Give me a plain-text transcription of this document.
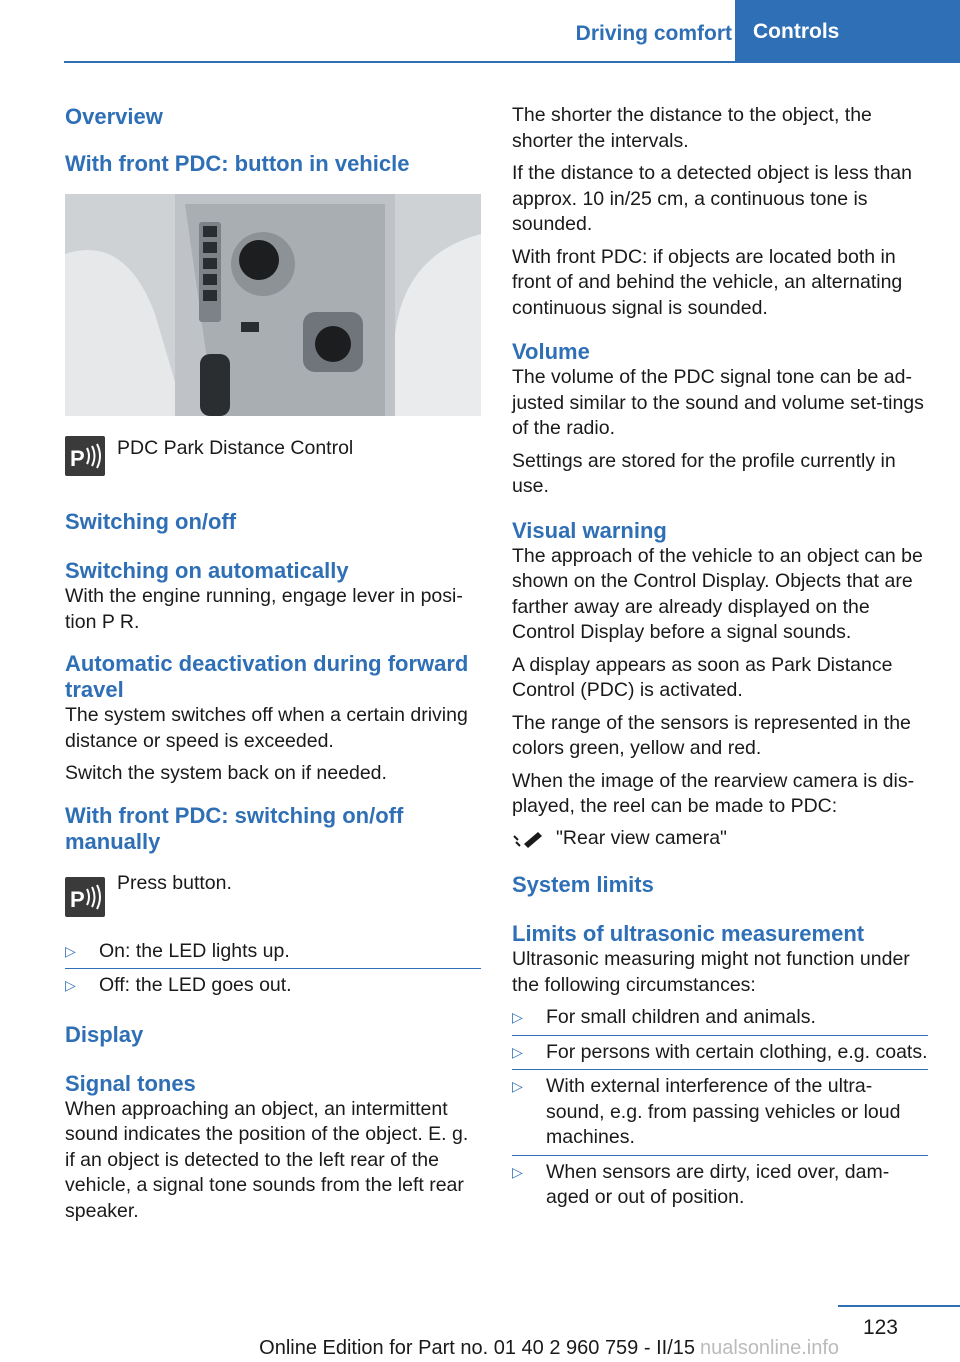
Driving comfort	Controls
Overview
With front PDC: button in vehicle
P PDC Park Distance Control
Switching on/off
Switching on automatically
With the engine running, engage lever in posi-tion P R.
Automatic deactivation during forward travel
The system switches off when a certain driving distance or speed is exceeded.
Switch the system back on if needed.
With front PDC: switching on/off manually
P
Press button.
▷	On: the LED lights up.
▷	Off: the LED goes out.
Display
Signal tones
When approaching an object, an intermittent sound indicates the position of the object. E. g. if an object is detected to the left rear of the vehicle, a signal tone sounds from the left rear speaker.
The shorter the distance to the object, the shorter the intervals.
If the distance to a detected object is less than approx. 10 in/25 cm, a continuous tone is sounded.
With front PDC: if objects are located both in front of and behind the vehicle, an alternating continuous signal is sounded.
Volume
The volume of the PDC signal tone can be ad-justed similar to the sound and volume set-tings of the radio.
Settings are stored for the profile currently in use.
Visual warning
The approach of the vehicle to an object can be shown on the Control Display. Objects that are farther away are already displayed on the Control Display before a signal sounds.
A display appears as soon as Park Distance Control (PDC) is activated.
The range of the sensors is represented in the colors green, yellow and red.
When the image of the rearview camera is dis-played, the reel can be made to PDC:
"Rear view camera"
System limits
Limits of ultrasonic measurement
Ultrasonic measuring might not function under the following circumstances:
▷	For small children and animals.
▷	For persons with certain clothing, e.g. coats.
▷	With external interference of the ultra-sound, e.g. from passing vehicles or loud machines.
▷	When sensors are dirty, iced over, dam-aged or out of position.
123
Online Edition for Part no. 01 40 2 960 759 - II/15 nualsonline.info
